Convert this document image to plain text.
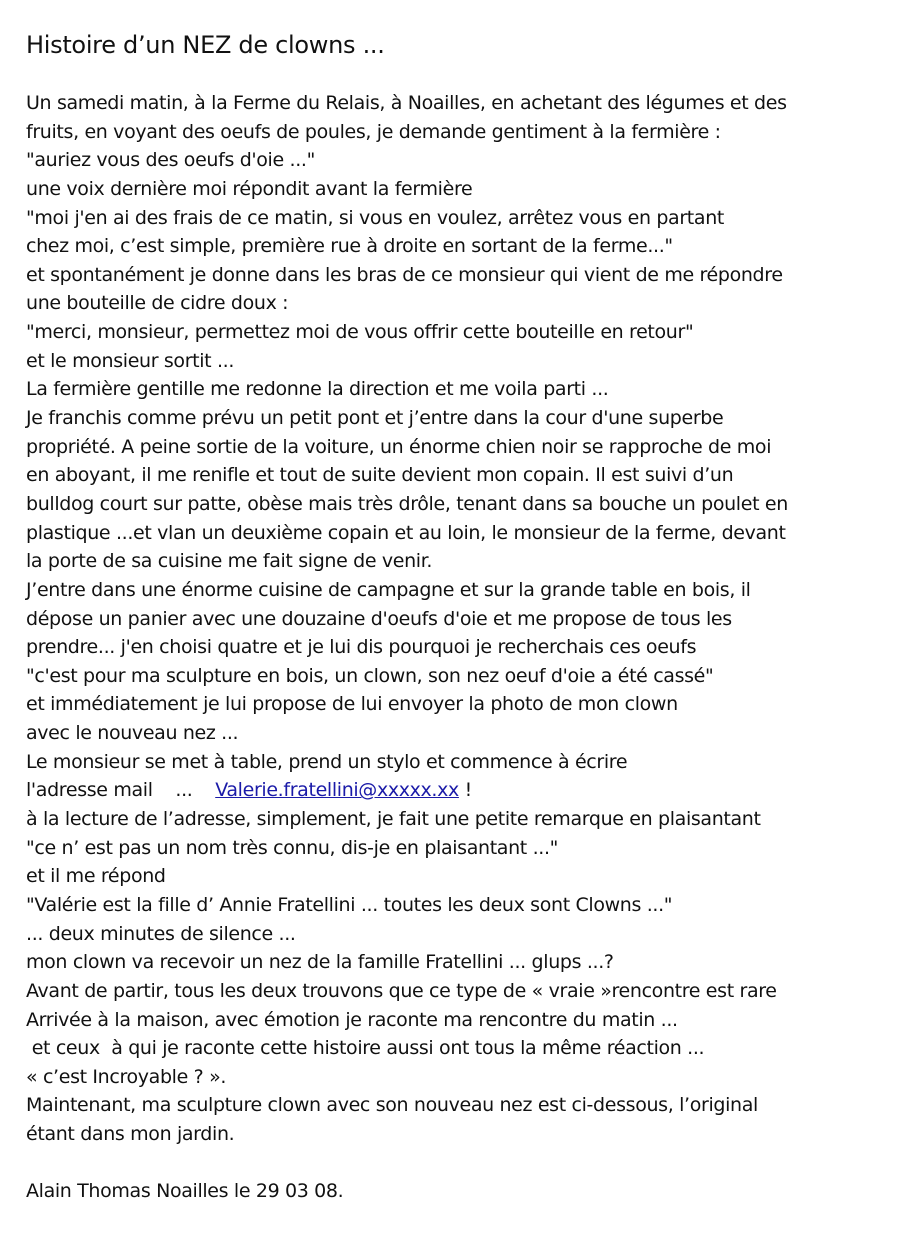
Histoire d’un NEZ de clowns ...
Un samedi matin, à la Ferme du Relais, à Noailles, en achetant des légumes et des
fruits, en voyant des oeufs de poules, je demande gentiment à la fermière :
"auriez vous des oeufs d'oie ..."
une voix dernière moi répondit avant la fermière
"moi j'en ai des frais de ce matin, si vous en voulez, arrêtez vous en partant
chez moi, c’est simple, première rue à droite en sortant de la ferme..."
et spontanément je donne dans les bras de ce monsieur qui vient de me répondre
une bouteille de cidre doux :
"merci, monsieur, permettez moi de vous offrir cette bouteille en retour"
et le monsieur sortit ...
La fermière gentille me redonne la direction et me voila parti ...
Je franchis comme prévu un petit pont et j’entre dans la cour d'une superbe
propriété. A peine sortie de la voiture, un énorme chien noir se rapproche de moi
en aboyant, il me renifle et tout de suite devient mon copain. Il est suivi d’un
bulldog court sur patte, obèse mais très drôle, tenant dans sa bouche un poulet en
plastique ...et vlan un deuxième copain et au loin, le monsieur de la ferme, devant
la porte de sa cuisine me fait signe de venir.
J’entre dans une énorme cuisine de campagne et sur la grande table en bois, il
dépose un panier avec une douzaine d'oeufs d'oie et me propose de tous les
prendre... j'en choisi quatre et je lui dis pourquoi je recherchais ces oeufs
"c'est pour ma sculpture en bois, un clown, son nez oeuf d'oie a été cassé"
et immédiatement je lui propose de lui envoyer la photo de mon clown
avec le nouveau nez ...
Le monsieur se met à table, prend un stylo et commence à écrire
l'adresse mail    ...    Valerie.fratellini@xxxxx.xx !
à la lecture de l’adresse, simplement, je fait une petite remarque en plaisantant
"ce n’ est pas un nom très connu, dis-je en plaisantant ..."
et il me répond
"Valérie est la fille d’ Annie Fratellini ... toutes les deux sont Clowns ..."
... deux minutes de silence ...
mon clown va recevoir un nez de la famille Fratellini ... glups ...?
Avant de partir, tous les deux trouvons que ce type de « vraie »rencontre est rare
Arrivée à la maison, avec émotion je raconte ma rencontre du matin ...
et ceux  à qui je raconte cette histoire aussi ont tous la même réaction ...
« c’est Incroyable ? ».
Maintenant, ma sculpture clown avec son nouveau nez est ci-dessous, l’original
étant dans mon jardin.
Alain Thomas Noailles le 29 03 08.
